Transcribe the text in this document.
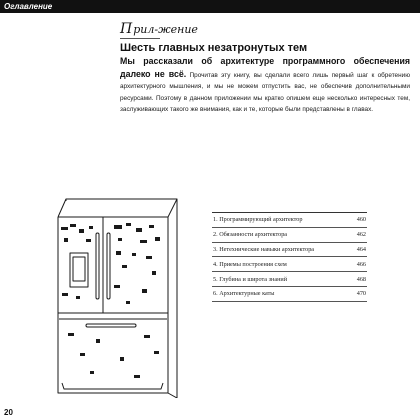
Оглавление
Прил-жение
Шесть главных незатронутых тем

Мы рассказали об архитектуре программного обеспечения далеко не всё. Прочитав эту книгу, вы сделали всего лишь первый шаг к обретению архитектурного мышления, и мы не можем отпустить вас, не обеспечив дополнительными ресурсами. Поэтому в данном приложении мы кратко опишем еще несколько интересных тем, заслуживающих такого же внимания, как и те, которые были представлены в главах.

1. Программирующий архитектор	460
2. Обязанности архитектора	462
3. Нетехнические навыки архитектора	464
4. Приемы построения схем	466
5. Глубина и широта знаний	468
6. Архитектурные каты	470
20
